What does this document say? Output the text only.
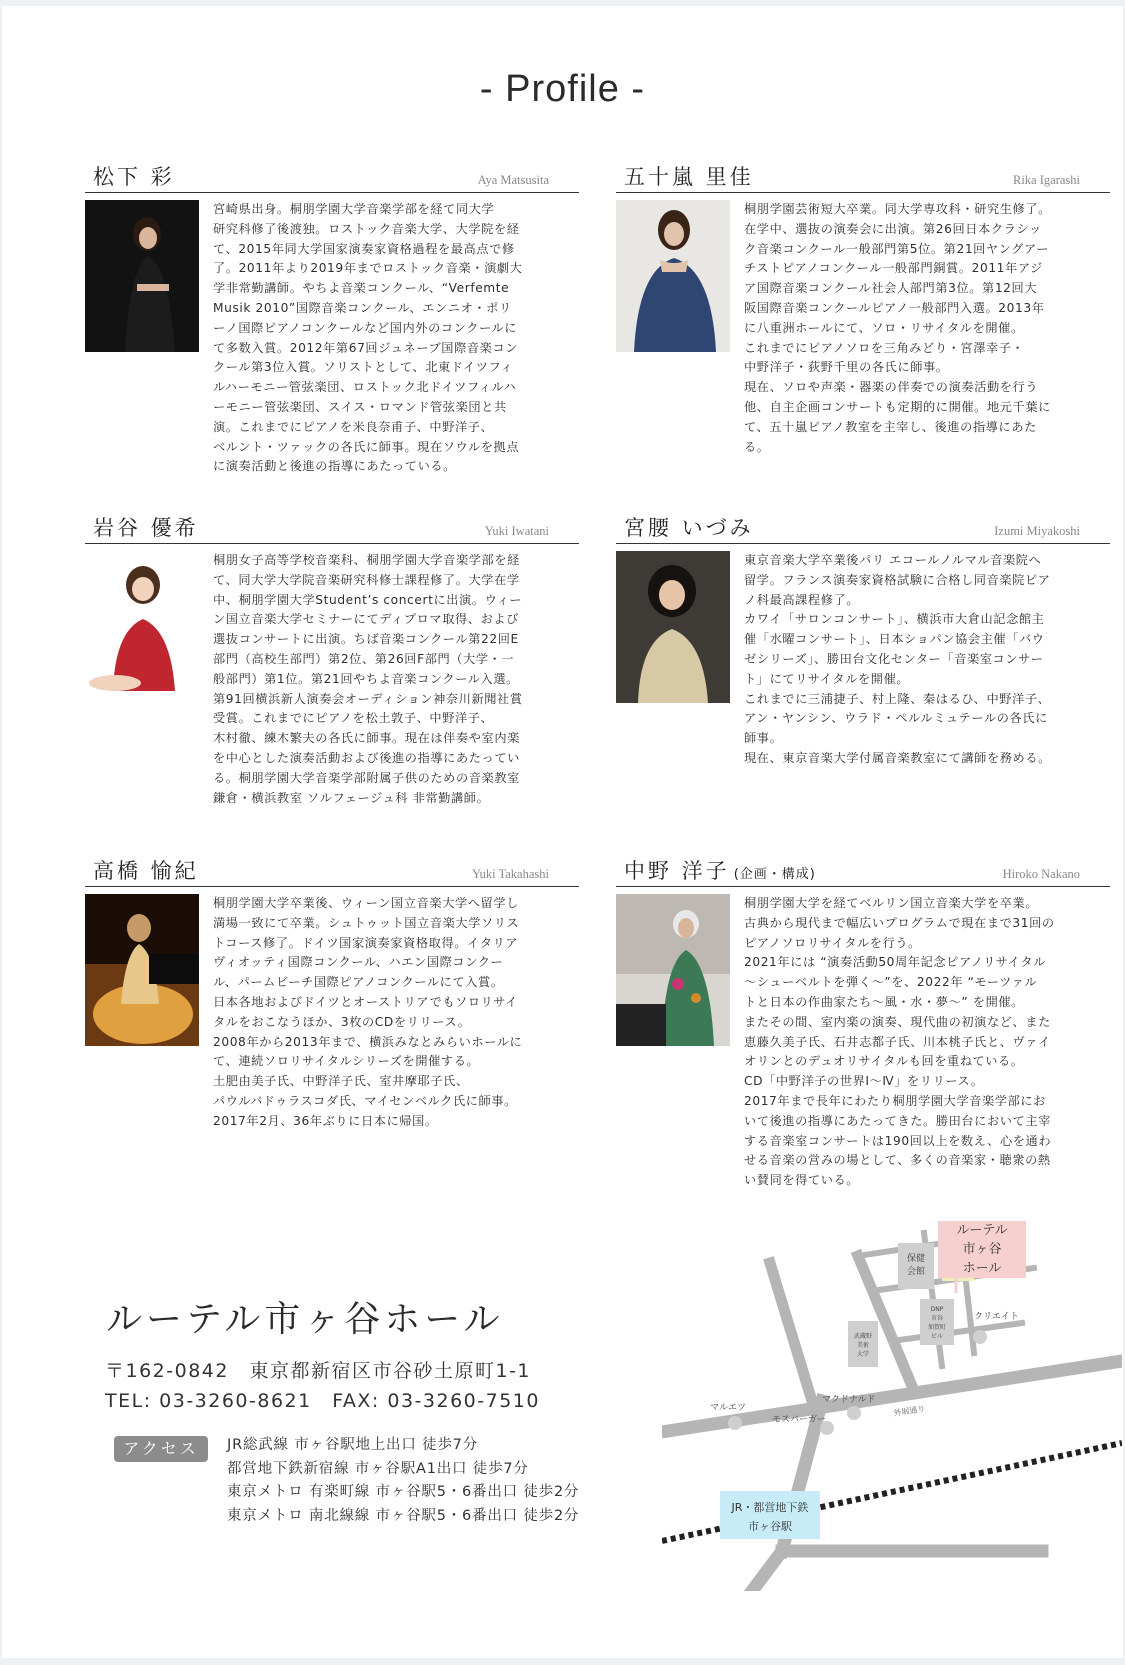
- Profile -
松下 彩	Aya Matsusita

宮崎県出身。桐朋学園大学音楽学部を経て同大学
研究科修了後渡独。ロストック音楽大学、大学院を経
て、2015年同大学国家演奏家資格過程を最高点で修
了。2011年より2019年までロストック音楽・演劇大
学非常勤講師。やちよ音楽コンクール、“Verfemte
Musik 2010”国際音楽コンクール、エンニオ・ポリ
ーノ国際ピアノコンクールなど国内外のコンクールに
て多数入賞。2012年第67回ジュネーブ国際音楽コン
クール第3位入賞。ソリストとして、北東ドイツフィ
ルハーモニー管弦楽団、ロストック北ドイツフィルハ
ーモニー管弦楽団、スイス・ロマンド管弦楽団と共
演。これまでにピアノを米良奈甫子、中野洋子、
ベルント・ツァックの各氏に師事。現在ソウルを拠点
に演奏活動と後進の指導にあたっている。

五十嵐 里佳	Rika Igarashi

桐朋学園芸術短大卒業。同大学専攻科・研究生修了。
在学中、選抜の演奏会に出演。第26回日本クラシッ
ク音楽コンクール一般部門第5位。第21回ヤングアー
チストピアノコンクール一般部門銅賞。2011年アジ
ア国際音楽コンクール社会人部門第3位。第12回大
阪国際音楽コンクールピアノ一般部門入選。2013年
に八重洲ホールにて、ソロ・リサイタルを開催。
これまでにピアノソロを三角みどり・宮澤幸子・
中野洋子・荻野千里の各氏に師事。
現在、ソロや声楽・器楽の伴奏での演奏活動を行う
他、自主企画コンサートも定期的に開催。地元千葉に
て、五十嵐ピアノ教室を主宰し、後進の指導にあた
る。

岩谷 優希	Yuki Iwatani

桐朋女子高等学校音楽科、桐朋学園大学音楽学部を経
て、同大学大学院音楽研究科修士課程修了。大学在学
中、桐朋学園大学Student’s concertに出演。ウィー
ン国立音楽大学セミナーにてディプロマ取得、および
選抜コンサートに出演。ちば音楽コンクール第22回E
部門（高校生部門）第2位、第26回F部門（大学・一
般部門）第1位。第21回やちよ音楽コンクール入選。
第91回横浜新人演奏会オーディション神奈川新聞社賞
受賞。これまでにピアノを松土敦子、中野洋子、
木村徹、練木繁夫の各氏に師事。現在は伴奏や室内楽
を中心とした演奏活動および後進の指導にあたってい
る。桐朋学園大学音楽学部附属子供のための音楽教室
鎌倉・横浜教室 ソルフェージュ科 非常勤講師。

宮腰 いづみ	Izumi Miyakoshi

東京音楽大学卒業後パリ エコールノルマル音楽院へ
留学。フランス演奏家資格試験に合格し同音楽院ピア
ノ科最高課程修了。
カワイ「サロンコンサート」、横浜市大倉山記念館主
催「水曜コンサート」、日本ショパン協会主催「バウ
ゼシリーズ」、勝田台文化センター「音楽室コンサー
ト」にてリサイタルを開催。
これまでに三浦捷子、村上隆、秦はるひ、中野洋子、
アン・ヤンシン、ウラド・ペルルミュテールの各氏に
師事。
現在、東京音楽大学付属音楽教室にて講師を務める。

高橋 愉紀	Yuki Takahashi

桐朋学園大学卒業後、ウィーン国立音楽大学へ留学し
満場一致にて卒業。シュトゥット国立音楽大学ソリス
トコース修了。ドイツ国家演奏家資格取得。イタリア
ヴィオッティ国際コンクール、ハエン国際コンクー
ル、パームビーチ国際ピアノコンクールにて入賞。
日本各地およびドイツとオーストリアでもソロリサイ
タルをおこなうほか、3枚のCDをリリース。
2008年から2013年まで、横浜みなとみらいホールに
て、連続ソロリサイタルシリーズを開催する。
土肥由美子氏、中野洋子氏、室井摩耶子氏、
パウルバドゥラスコダ氏、マイセンベルク氏に師事。
2017年2月、36年ぶりに日本に帰国。

中野 洋子 (企画・構成)	Hiroko Nakano

桐朋学園大学を経てベルリン国立音楽大学を卒業。
古典から現代まで幅広いプログラムで現在まで31回の
ピアノソロリサイタルを行う。
2021年には “演奏活動50周年記念ピアノリサイタル
〜シューベルトを弾く〜”を、2022年 “モーツァル
トと日本の作曲家たち〜風・水・夢〜” を開催。
またその間、室内楽の演奏、現代曲の初演など、また
恵藤久美子氏、石井志都子氏、川本桃子氏と、ヴァイ
オリンとのデュオリサイタルも回を重ねている。
CD「中野洋子の世界Ⅰ〜Ⅳ」をリリース。
2017年まで長年にわたり桐朋学園大学音楽学部にお
いて後進の指導にあたってきた。勝田台において主宰
する音楽室コンサートは190回以上を数え、心を通わ
せる音楽の営みの場として、多くの音楽家・聴衆の熱
い賛同を得ている。

ルーテル市ヶ谷ホール
〒162-0842　東京都新宿区市谷砂土原町1-1
TEL: 03-3260-8621　FAX: 03-3260-7510
アクセス	JR総武線 市ヶ谷駅地上出口 徒歩7分
都営地下鉄新宿線 市ヶ谷駅A1出口 徒歩7分
東京メトロ 有楽町線 市ヶ谷駅5・6番出口 徒歩2分
東京メトロ 南北線線 市ヶ谷駅5・6番出口 徒歩2分
保健
会館
DNP
市谷
加賀町
ビル
武蔵野
美術
大学
ルーテル
市ヶ谷
ホール
クリエイト
マルエツ
モスバーガー
マクドナルド
外堀通り
JR・都営地下鉄
市ヶ谷駅
